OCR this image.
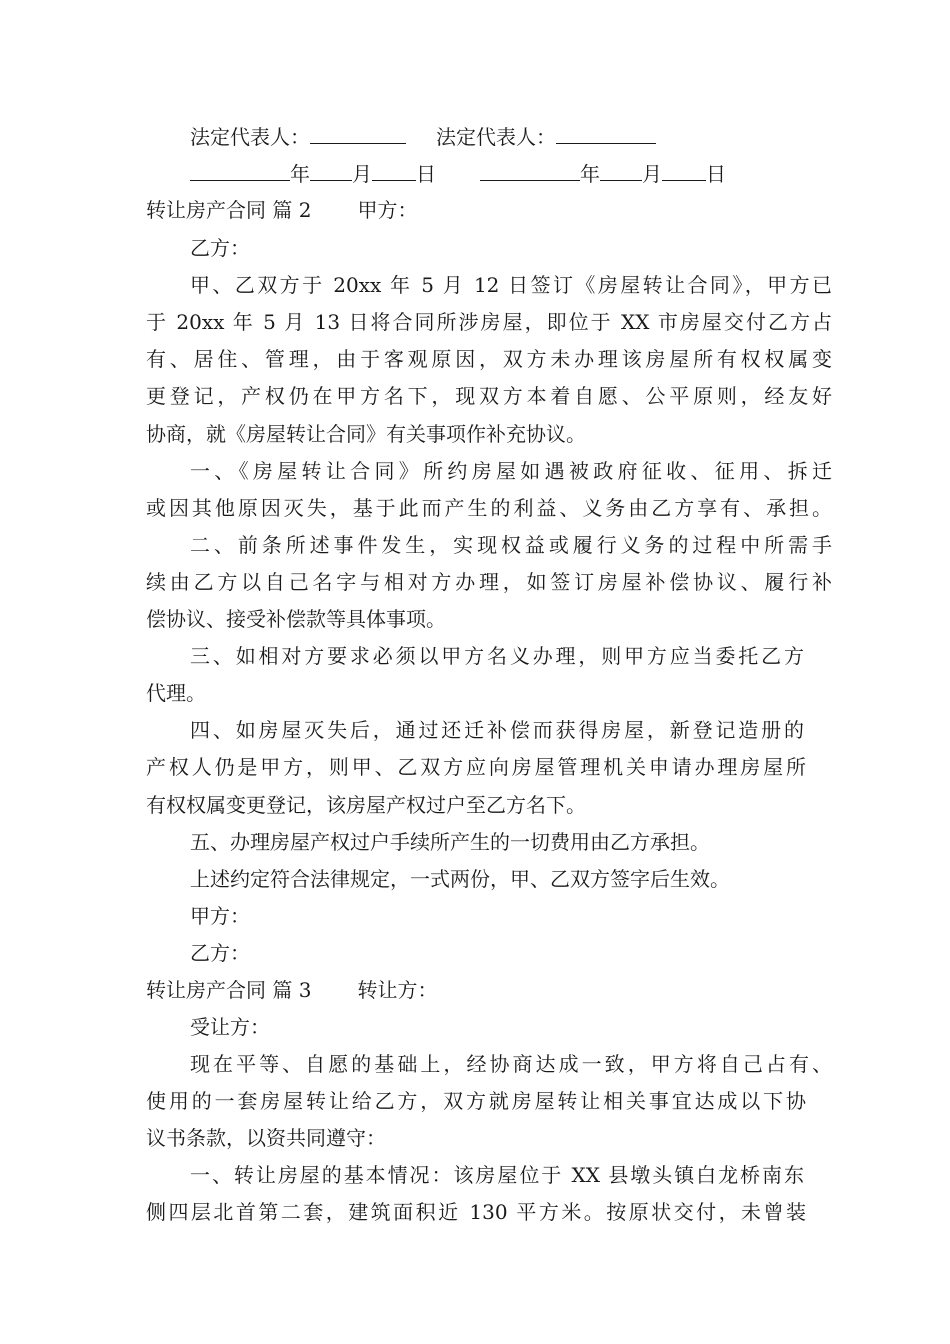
法定代表人：	法定代表人：
年 月 日	年 月 日
转让房产合同 篇 2 甲方：
乙方：
甲、乙双方于 20xx 年 5 月 12 日签订《房屋转让合同》，甲方已
于 20xx 年 5 月 13 日将合同所涉房屋，即位于 XX 市房屋交付乙方占
有、居住、管理，由于客观原因，双方未办理该房屋所有权权属变
更登记，产权仍在甲方名下，现双方本着自愿、公平原则，经友好
协商，就《房屋转让合同》有关事项作补充协议。
一、《房屋转让合同》所约房屋如遇被政府征收、征用、拆迁
或因其他原因灭失，基于此而产生的利益、义务由乙方享有、承担。
二、前条所述事件发生，实现权益或履行义务的过程中所需手
续由乙方以自己名字与相对方办理，如签订房屋补偿协议、履行补
偿协议、接受补偿款等具体事项。
三、如相对方要求必须以甲方名义办理，则甲方应当委托乙方
代理。
四、如房屋灭失后，通过还迁补偿而获得房屋，新登记造册的
产权人仍是甲方，则甲、乙双方应向房屋管理机关申请办理房屋所
有权权属变更登记，该房屋产权过户至乙方名下。
五、办理房屋产权过户手续所产生的一切费用由乙方承担。
上述约定符合法律规定，一式两份，甲、乙双方签字后生效。
甲方：
乙方：
转让房产合同 篇 3 转让方：
受让方：
现在平等、自愿的基础上，经协商达成一致，甲方将自己占有、
使用的一套房屋转让给乙方，双方就房屋转让相关事宜达成以下协
议书条款，以资共同遵守：
一、转让房屋的基本情况：该房屋位于 XX 县墩头镇白龙桥南东
侧四层北首第二套，建筑面积近 130 平方米。按原状交付，未曾装
